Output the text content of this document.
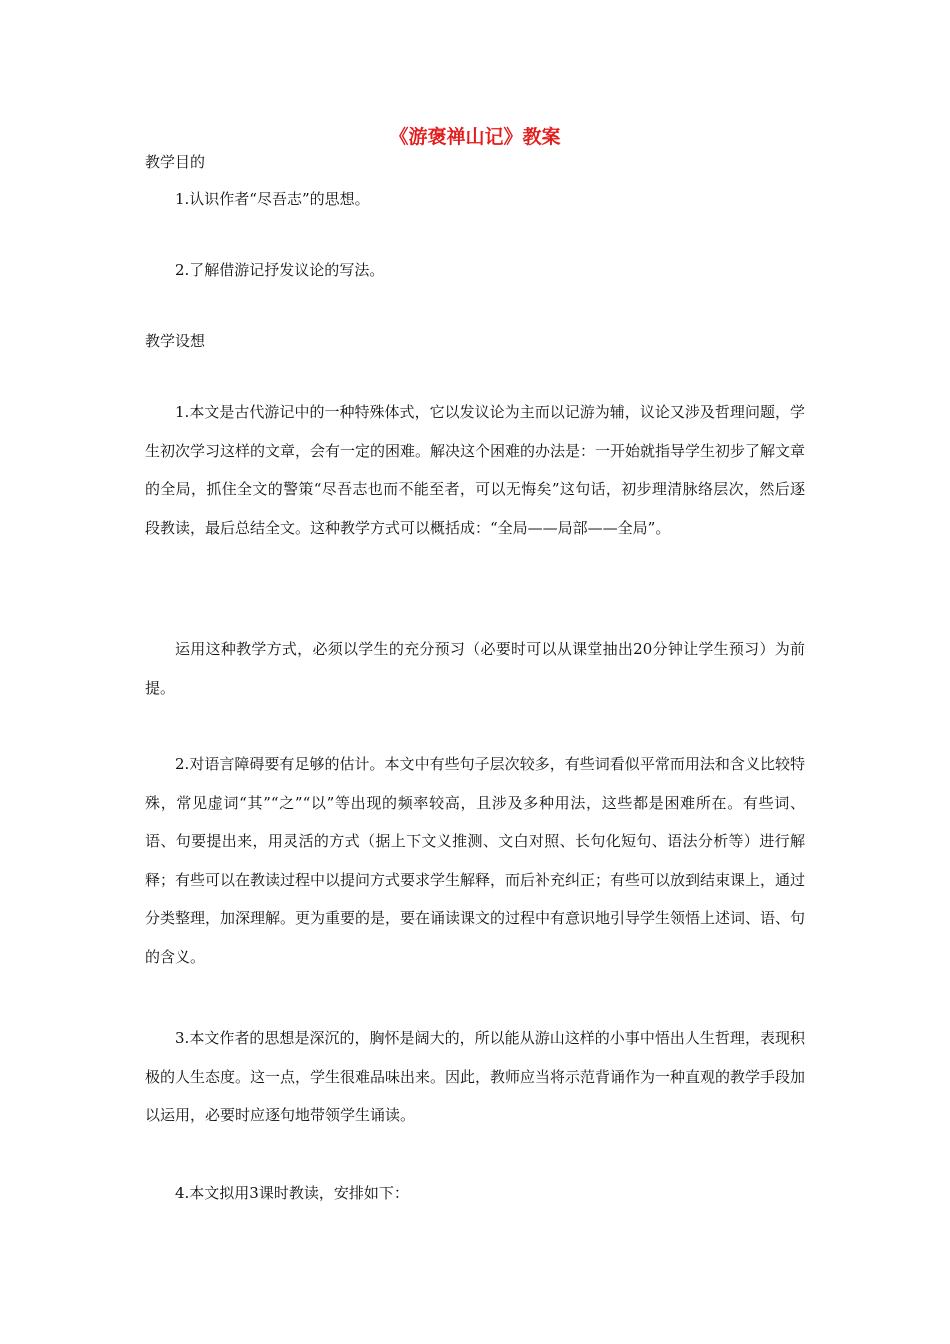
《游褒禅山记》教案
教学目的
1.认识作者“尽吾志”的思想。
2.了解借游记抒发议论的写法。
教学设想

1.本文是古代游记中的一种特殊体式，它以发议论为主而以记游为辅，议论又涉及哲理问题，学生初次学习这样的文章，会有一定的困难。解决这个困难的办法是：一开始就指导学生初步了解文章的全局，抓住全文的警策“尽吾志也而不能至者，可以无悔矣”这句话，初步理清脉络层次，然后逐段教读，最后总结全文。这种教学方式可以概括成：“全局——局部——全局”。

运用这种教学方式，必须以学生的充分预习（必要时可以从课堂抽出20分钟让学生预习）为前提。

2.对语言障碍要有足够的估计。本文中有些句子层次较多，有些词看似平常而用法和含义比较特殊，常见虚词“其”“之”“以”等出现的频率较高，且涉及多种用法，这些都是困难所在。有些词、语、句要提出来，用灵活的方式（据上下文义推测、文白对照、长句化短句、语法分析等）进行解释；有些可以在教读过程中以提问方式要求学生解释，而后补充纠正；有些可以放到结束课上，通过分类整理，加深理解。更为重要的是，要在诵读课文的过程中有意识地引导学生领悟上述词、语、句的含义。

3.本文作者的思想是深沉的，胸怀是阔大的，所以能从游山这样的小事中悟出人生哲理，表现积极的人生态度。这一点，学生很难品味出来。因此，教师应当将示范背诵作为一种直观的教学手段加以运用，必要时应逐句地带领学生诵读。

4.本文拟用3课时教读，安排如下：
